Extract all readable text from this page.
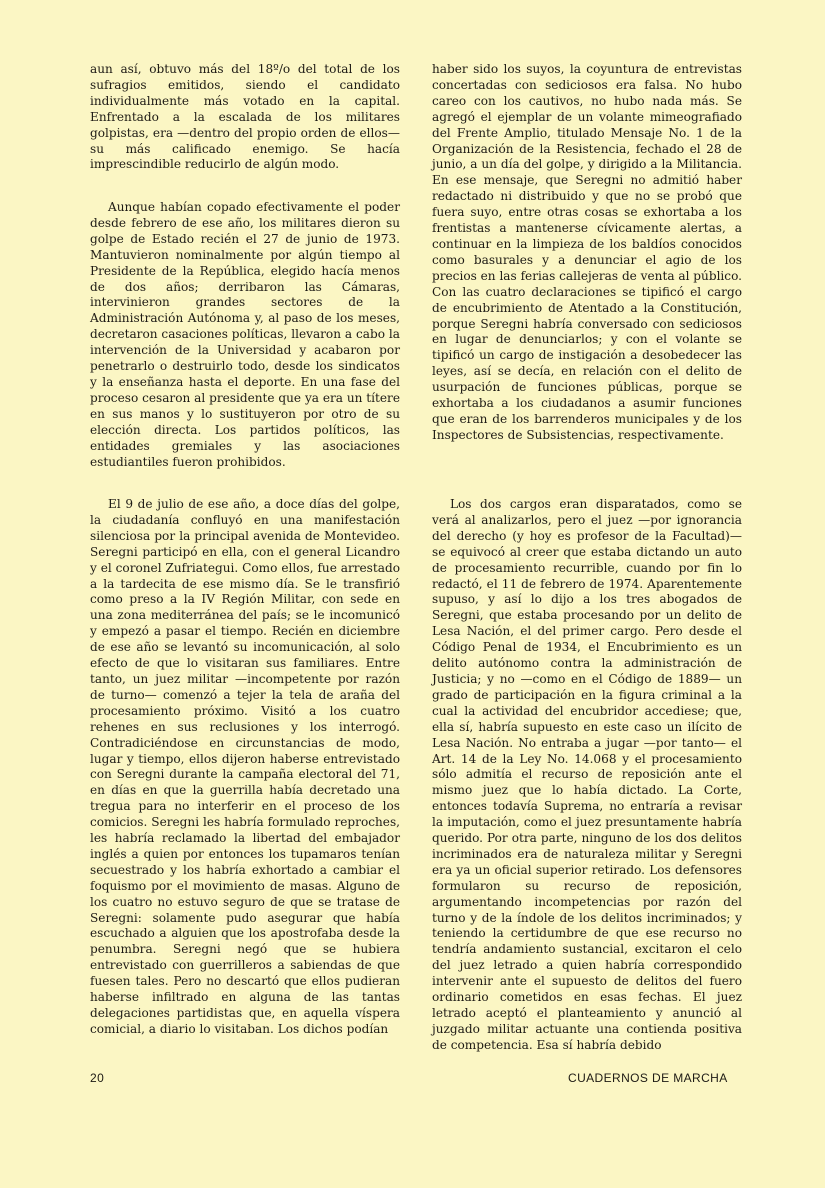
aun así, obtuvo más del 18º/o del total de los sufragios emitidos, siendo el candidato individualmente más votado en la capital. Enfrentado a la escalada de los militares golpistas, era —dentro del propio orden de ellos— su más calificado enemigo. Se hacía imprescindible reducirlo de algún modo.

Aunque habían copado efectivamente el poder desde febrero de ese año, los militares dieron su golpe de Estado recién el 27 de junio de 1973. Mantuvieron nominalmente por algún tiempo al Presidente de la República, elegido hacía menos de dos años; derribaron las Cámaras, intervinieron grandes sectores de la Administración Autónoma y, al paso de los meses, decretaron casaciones políticas, llevaron a cabo la intervención de la Universidad y acabaron por penetrarlo o destruirlo todo, desde los sindicatos y la enseñanza hasta el deporte. En una fase del proceso cesaron al presidente que ya era un títere en sus manos y lo sustituyeron por otro de su elección directa. Los partidos políticos, las entidades gremiales y las asociaciones estudiantiles fueron prohibidos.

El 9 de julio de ese año, a doce días del golpe, la ciudadanía confluyó en una manifestación silenciosa por la principal avenida de Montevideo. Seregni participó en ella, con el general Licandro y el coronel Zufriategui. Como ellos, fue arrestado a la tardecita de ese mismo día. Se le transfirió como preso a la IV Región Militar, con sede en una zona mediterránea del país; se le incomunicó y empezó a pasar el tiempo. Recién en diciembre de ese año se levantó su incomunicación, al solo efecto de que lo visitaran sus familiares. Entre tanto, un juez militar —incompetente por razón de turno— comenzó a tejer la tela de araña del procesamiento próximo. Visitó a los cuatro rehenes en sus reclusiones y los interrogó. Contradiciéndose en circunstancias de modo, lugar y tiempo, ellos dijeron haberse entrevistado con Seregni durante la campaña electoral del 71, en días en que la guerrilla había decretado una tregua para no interferir en el proceso de los comicios. Seregni les habría formulado reproches, les habría reclamado la libertad del embajador inglés a quien por entonces los tupamaros tenían secuestrado y los habría exhortado a cambiar el foquismo por el movimiento de masas. Alguno de los cuatro no estuvo seguro de que se tratase de Seregni: solamente pudo asegurar que había escuchado a alguien que los apostrofaba desde la penumbra. Seregni negó que se hubiera entrevistado con guerrilleros a sabiendas de que fuesen tales. Pero no descartó que ellos pudieran haberse infiltrado en alguna de las tantas delegaciones partidistas que, en aquella víspera comicial, a diario lo visitaban. Los dichos podían

haber sido los suyos, la coyuntura de entrevistas concertadas con sediciosos era falsa. No hubo careo con los cautivos, no hubo nada más. Se agregó el ejemplar de un volante mimeografiado del Frente Amplio, titulado Mensaje No. 1 de la Organización de la Resistencia, fechado el 28 de junio, a un día del golpe, y dirigido a la Militancia. En ese mensaje, que Seregni no admitió haber redactado ni distribuido y que no se probó que fuera suyo, entre otras cosas se exhortaba a los frentistas a mantenerse cívicamente alertas, a continuar en la limpieza de los baldíos conocidos como basurales y a denunciar el agio de los precios en las ferias callejeras de venta al público. Con las cuatro declaraciones se tipificó el cargo de encubrimiento de Atentado a la Constitución, porque Seregni habría conversado con sediciosos en lugar de denunciarlos; y con el volante se tipificó un cargo de instigación a desobedecer las leyes, así se decía, en relación con el delito de usurpación de funciones públicas, porque se exhortaba a los ciudadanos a asumir funciones que eran de los barrenderos municipales y de los Inspectores de Subsistencias, respectivamente.

Los dos cargos eran disparatados, como se verá al analizarlos, pero el juez —por ignorancia del derecho (y hoy es profesor de la Facultad)— se equivocó al creer que estaba dictando un auto de procesamiento recurrible, cuando por fin lo redactó, el 11 de febrero de 1974. Aparentemente supuso, y así lo dijo a los tres abogados de Seregni, que estaba procesando por un delito de Lesa Nación, el del primer cargo. Pero desde el Código Penal de 1934, el Encubrimiento es un delito autónomo contra la administración de Justicia; y no —como en el Código de 1889— un grado de participación en la figura criminal a la cual la actividad del encubridor accediese; que, ella sí, habría supuesto en este caso un ilícito de Lesa Nación. No entraba a jugar —por tanto— el Art. 14 de la Ley No. 14.068 y el procesamiento sólo admitía el recurso de reposición ante el mismo juez que lo había dictado. La Corte, entonces todavía Suprema, no entraría a revisar la imputación, como el juez presuntamente habría querido. Por otra parte, ninguno de los dos delitos incriminados era de naturaleza militar y Seregni era ya un oficial superior retirado. Los defensores formularon su recurso de reposición, argumentando incompetencias por razón del turno y de la índole de los delitos incriminados; y teniendo la certidumbre de que ese recurso no tendría andamiento sustancial, excitaron el celo del juez letrado a quien habría correspondido intervenir ante el supuesto de delitos del fuero ordinario cometidos en esas fechas. El juez letrado aceptó el planteamiento y anunció al juzgado militar actuante una contienda positiva de competencia. Esa sí habría debido

20	CUADERNOS DE MARCHA
